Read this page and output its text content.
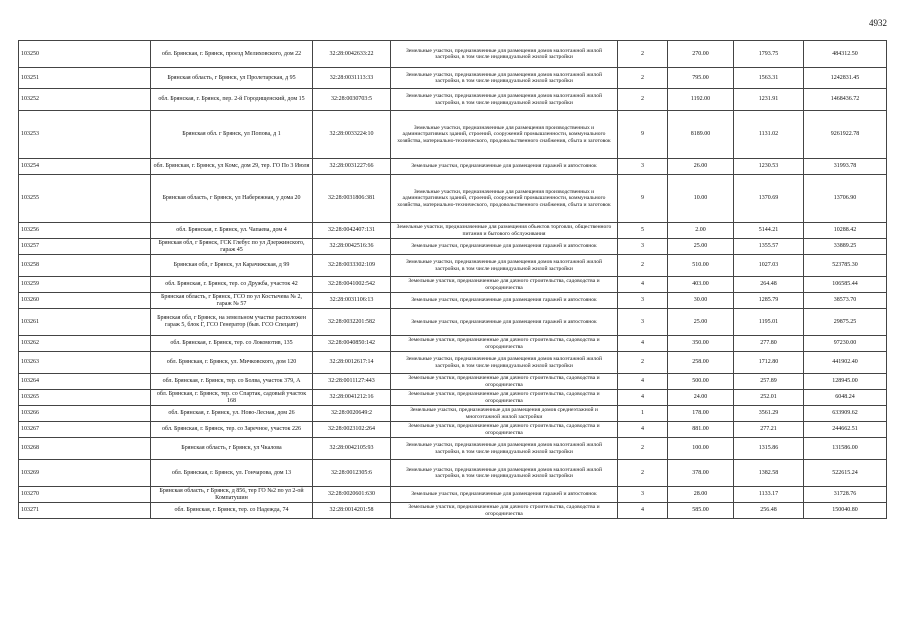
4932
103250	обл. Брянская, г. Брянск, проезд Мелиховского, дом 22	32:28:0042633:22	Земельные участки, предназначенные для размещения домов малоэтажной жилой застройки, в том числе индивидуальной жилой застройки	2	270.00	1793.75	484312.50
103251	Брянская область, г Брянск, ул Пролетарская, д 95	32:28:0031113:33	Земельные участки, предназначенные для размещения домов малоэтажной жилой застройки, в том числе индивидуальной жилой застройки	2	795.00	1563.31	1242831.45
103252	обл. Брянская, г. Брянск, пер. 2-й Городищенский, дом 15	32:28:0030703:5	Земельные участки, предназначенные для размещения домов малоэтажной жилой застройки, в том числе индивидуальной жилой застройки	2	1192.00	1231.91	1468436.72
103253	Брянская обл. г Брянск, ул Попова, д 1	32:28:0033224:10	Земельные участки, предназначенные для размещения производственных и административных зданий, строений, сооружений промышленности, коммунального хозяйства, материально-технического, продовольственного снабжения, сбыта и заготовок	9	8189.00	1131.02	9261922.78
103254	обл. Брянская, г. Брянск, ул Комс, дом 29, тер. ГО По 3 Июля	32:28:0031227:66	Земельные участки, предназначенные для размещения гаражей и автостоянок	3	26.00	1230.53	31993.78
103255	Брянская область, г Брянск, ул Набережная, у дома 20	32:28:0031806:381	Земельные участки, предназначенные для размещения производственных и административных зданий, строений, сооружений промышленности, коммунального хозяйства, материально-технического, продовольственного снабжения, сбыта и заготовок	9	10.00	1370.69	13706.90
103256	обл. Брянская, г. Брянск, ул. Чапаева, дом 4	32:28:0042407:131	Земельные участки, предназначенные для размещения объектов торговли, общественного питания и бытового обслуживания	5	2.00	5144.21	10288.42
103257	Брянская обл, г Брянск, ГСК Глебус по ул Дзержинского, гараж 45	32:28:0042516:36	Земельные участки, предназначенные для размещения гаражей и автостоянок	3	25.00	1355.57	33889.25
103258	Брянская обл, г Брянск, ул Карачижская, д 99	32:28:0033302:109	Земельные участки, предназначенные для размещения домов малоэтажной жилой застройки, в том числе индивидуальной жилой застройки	2	510.00	1027.03	523785.30
103259	обл. Брянская, г. Брянск, тер. со Дружба, участок 42	32:28:0041002:542	Земельные участки, предназначенные для дачного строительства, садоводства и огородничества	4	403.00	264.48	106585.44
103260	Брянская область, г Брянск, ГСО по ул Костычева № 2, гараж № 57	32:28:0031106:13	Земельные участки, предназначенные для размещения гаражей и автостоянок	3	30.00	1285.79	38573.70
103261	Брянская обл, г Брянск, на земельном участке расположен гараж 5, блок Г, ГСО Генератор (быв. ГСО Спецавт)	32:28:0032201:582	Земельные участки, предназначенные для размещения гаражей и автостоянок	3	25.00	1195.01	29875.25
103262	обл. Брянская, г. Брянск, тер. со Локомотив, 135	32:28:0040850:142	Земельные участки, предназначенные для дачного строительства, садоводства и огородничества	4	350.00	277.80	97230.00
103263	обл. Брянская, г. Брянск, ул. Мичковского, дом 120	32:28:0012617:14	Земельные участки, предназначенные для размещения домов малоэтажной жилой застройки, в том числе индивидуальной жилой застройки	2	258.00	1712.80	441902.40
103264	обл. Брянская, г. Брянск, тер. со Болва, участок 379, А	32:28:0011127:443	Земельные участки, предназначенные для дачного строительства, садоводства и огородничества	4	500.00	257.89	128945.00
103265	обл. Брянская, г. Брянск, тер. со Спартак, садовый участок 168	32:28:0041212:16	Земельные участки, предназначенные для дачного строительства, садоводства и огородничества	4	24.00	252.01	6048.24
103266	обл. Брянская, г. Брянск, ул. Ново-Лесная, дом 26	32:28:0020649:2	Земельные участки, предназначенные для размещения домов среднеэтажной и многоэтажной жилой застройки	1	178.00	3561.29	633909.62
103267	обл. Брянская, г. Брянск, тер. со Заречное, участок 226	32:28:0023102:264	Земельные участки, предназначенные для дачного строительства, садоводства и огородничества	4	881.00	277.21	244662.51
103268	Брянская область, г Брянск, ул Чкалова	32:28:0042105:93	Земельные участки, предназначенные для размещения домов малоэтажной жилой застройки, в том числе индивидуальной жилой застройки	2	100.00	1315.86	131586.00
103269	обл. Брянская, г. Брянск, ул. Гончарова, дом 13	32:28:0012305:6	Земельные участки, предназначенные для размещения домов малоэтажной жилой застройки, в том числе индивидуальной жилой застройки	2	378.00	1382.58	522615.24
103270	Брянская область, г Брянск, д 856, тер ГО №2 по ул 2-ой Компатушин	32:28:0020601:630	Земельные участки, предназначенные для размещения гаражей и автостоянок	3	28.00	1133.17	31728.76
103271	обл. Брянская, г. Брянск, тер. со Надежда, 74	32:28:0014201:58	Земельные участки, предназначенные для дачного строительства, садоводства и огородничества	4	585.00	256.48	150040.80
